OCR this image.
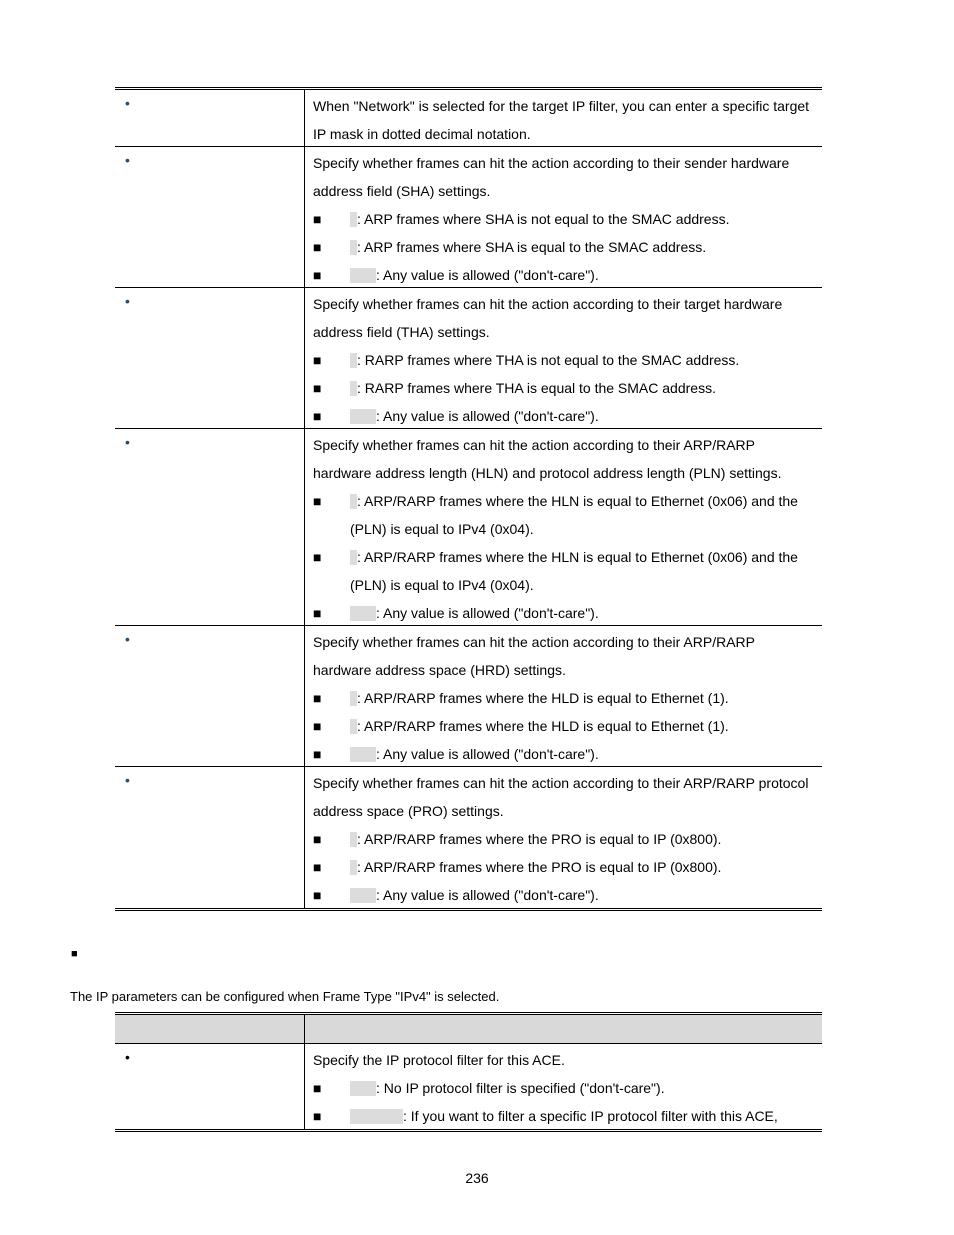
•	When "Network" is selected for the target IP filter, you can enter a specific target
IP mask in dotted decimal notation.
•	Specify whether frames can hit the action according to their sender hardware
address field (SHA) settings.
■	: ARP frames where SHA is not equal to the SMAC address.
■	: ARP frames where SHA is equal to the SMAC address.
■	: Any value is allowed ("don't-care").
•	Specify whether frames can hit the action according to their target hardware
address field (THA) settings.
■	: RARP frames where THA is not equal to the SMAC address.
■	: RARP frames where THA is equal to the SMAC address.
■	: Any value is allowed ("don't-care").
•	Specify whether frames can hit the action according to their ARP/RARP
hardware address length (HLN) and protocol address length (PLN) settings.
■	: ARP/RARP frames where the HLN is equal to Ethernet (0x06) and the
(PLN) is equal to IPv4 (0x04).
■	: ARP/RARP frames where the HLN is equal to Ethernet (0x06) and the
(PLN) is equal to IPv4 (0x04).
■	: Any value is allowed ("don't-care").
•	Specify whether frames can hit the action according to their ARP/RARP
hardware address space (HRD) settings.
■	: ARP/RARP frames where the HLD is equal to Ethernet (1).
■	: ARP/RARP frames where the HLD is equal to Ethernet (1).
■	: Any value is allowed ("don't-care").
•	Specify whether frames can hit the action according to their ARP/RARP protocol
address space (PRO) settings.
■	: ARP/RARP frames where the PRO is equal to IP (0x800).
■	: ARP/RARP frames where the PRO is equal to IP (0x800).
■	: Any value is allowed ("don't-care").
■
The IP parameters can be configured when Frame Type "IPv4" is selected.
•	Specify the IP protocol filter for this ACE.
■	: No IP protocol filter is specified ("don't-care").
■	: If you want to filter a specific IP protocol filter with this ACE,
236
